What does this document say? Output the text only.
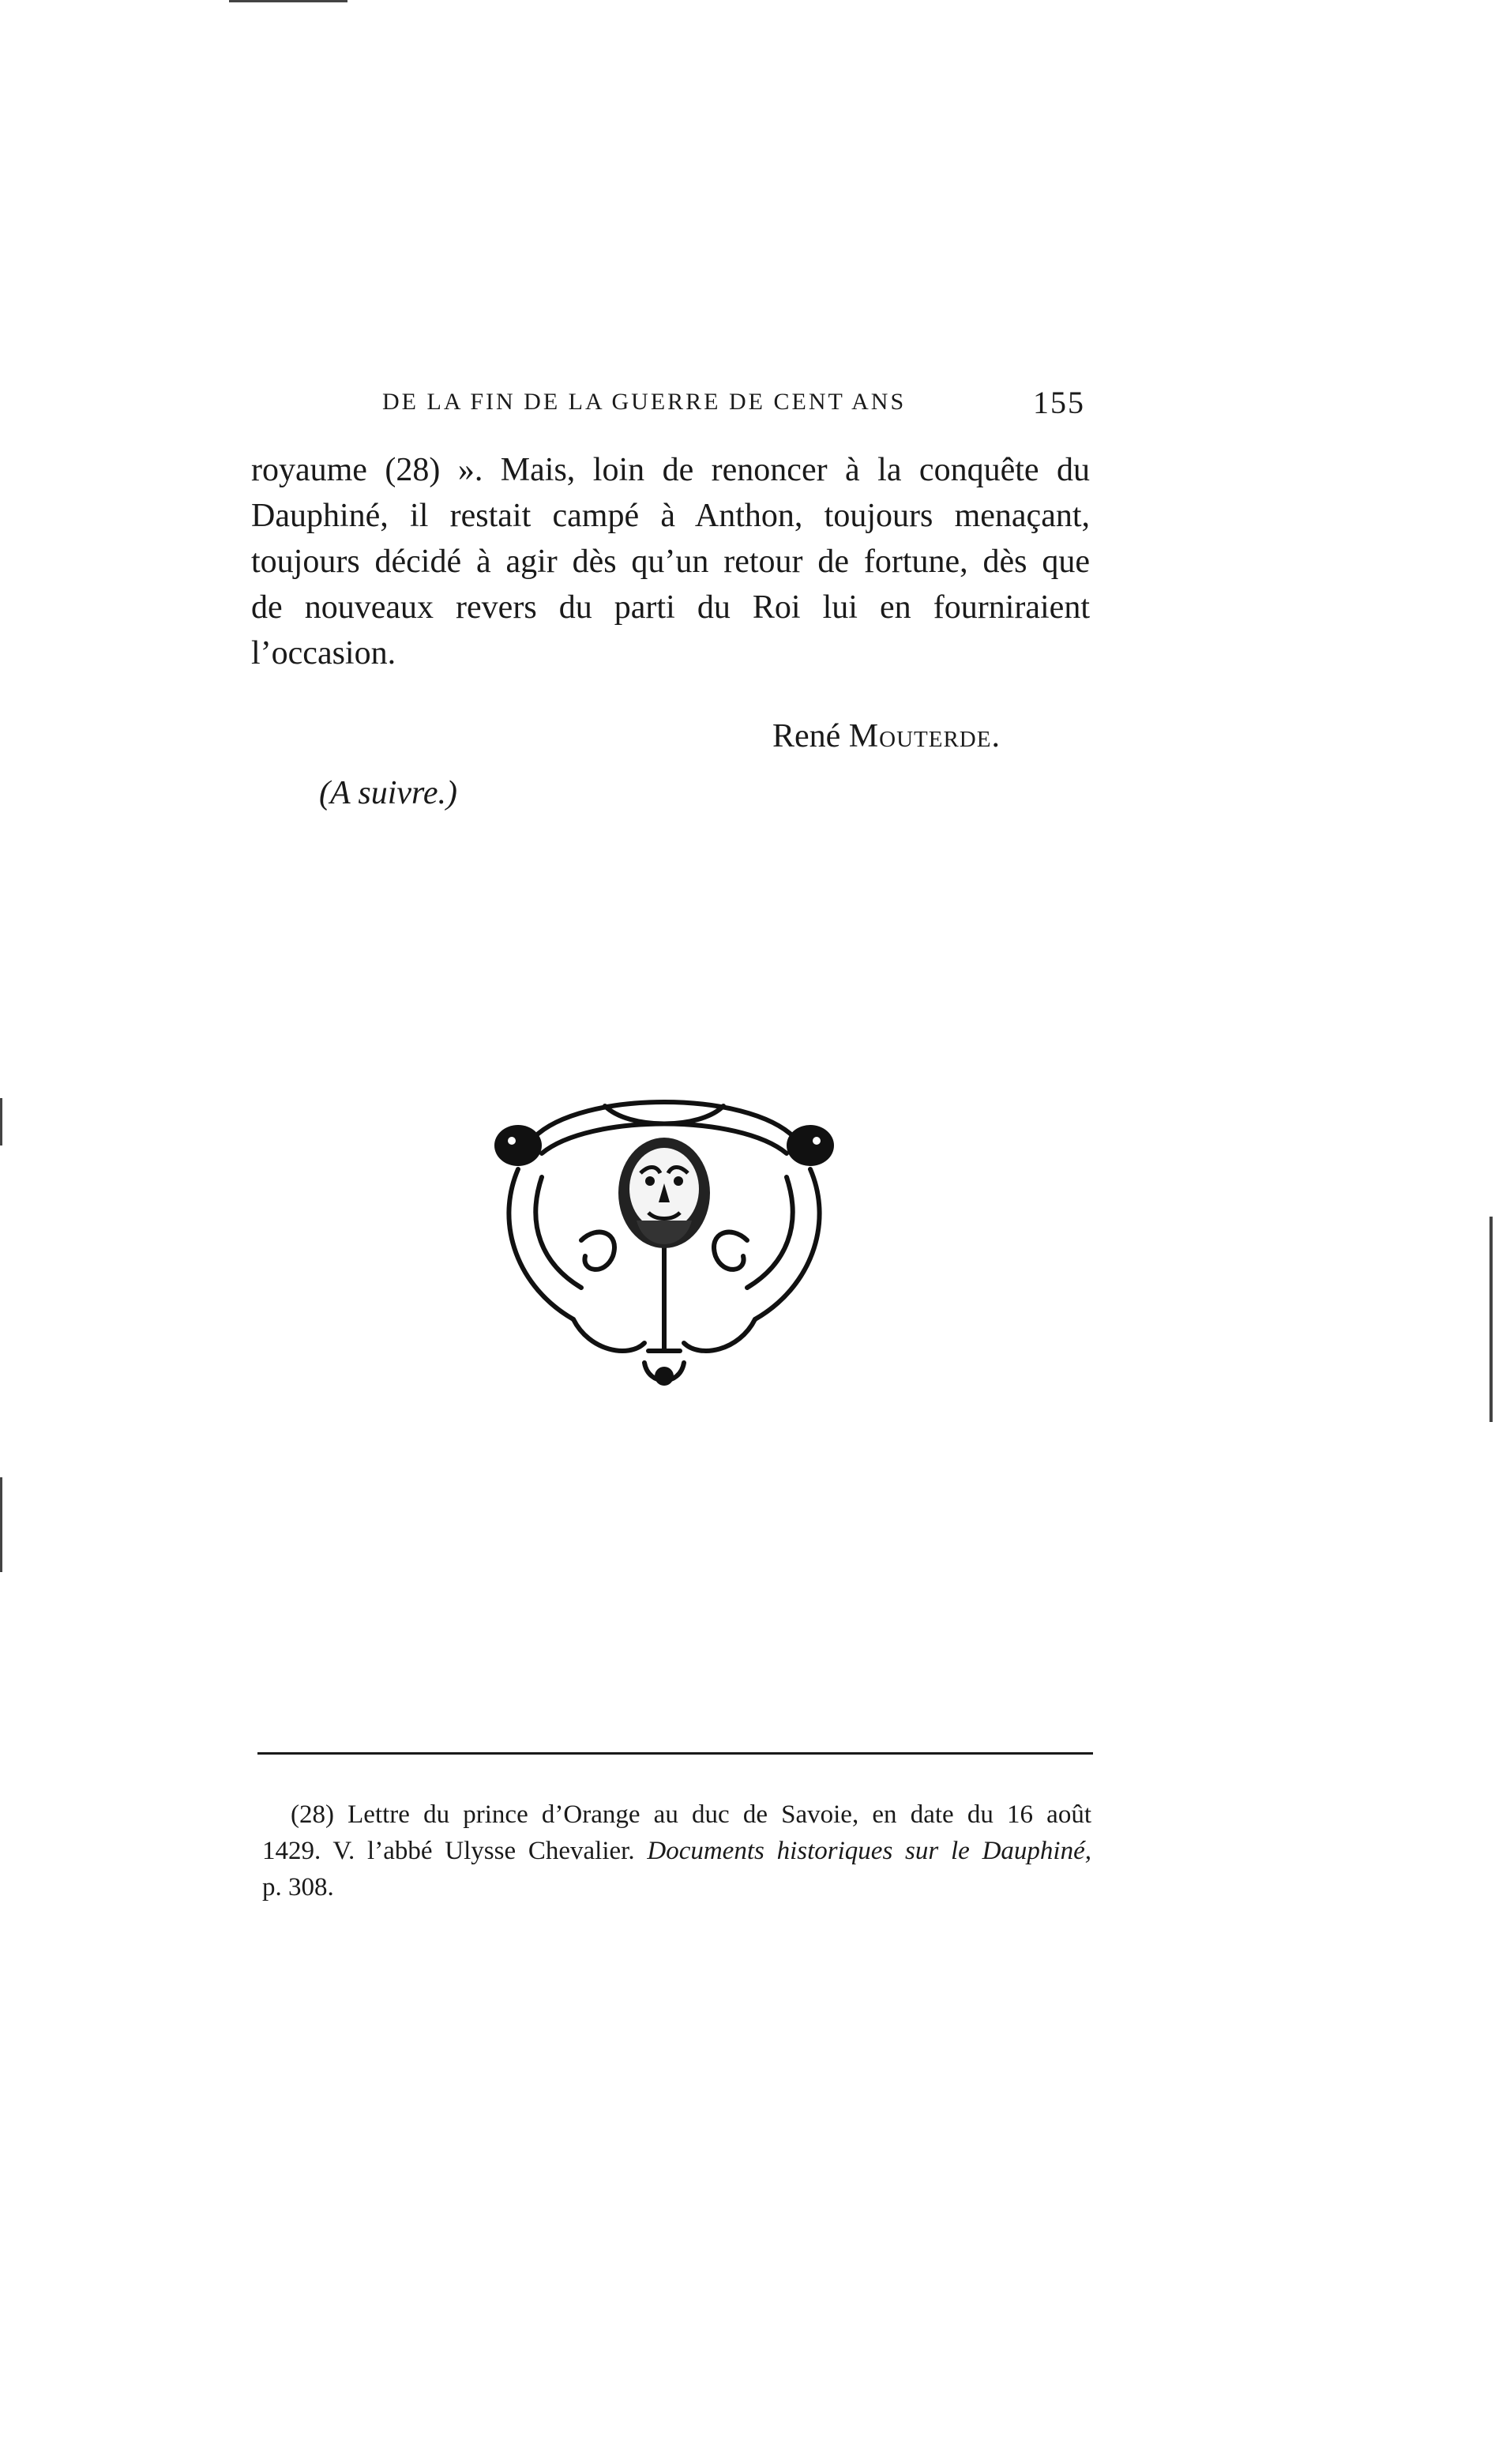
DE LA FIN DE LA GUERRE DE CENT ANS	155
royaume (28) ». Mais, loin de renoncer à la conquête du
Dauphiné, il restait campé à Anthon, toujours menaçant,
toujours décidé à agir dès qu’un retour de fortune, dès que
de nouveaux revers du parti du Roi lui en fourniraient
l’occasion.
René Mouterde.
(A suivre.)
(28) Lettre du prince d’Orange au duc de Savoie, en date du 16 août
1429. V. l’abbé Ulysse Chevalier. Documents historiques sur le Dauphiné,
p. 308.
